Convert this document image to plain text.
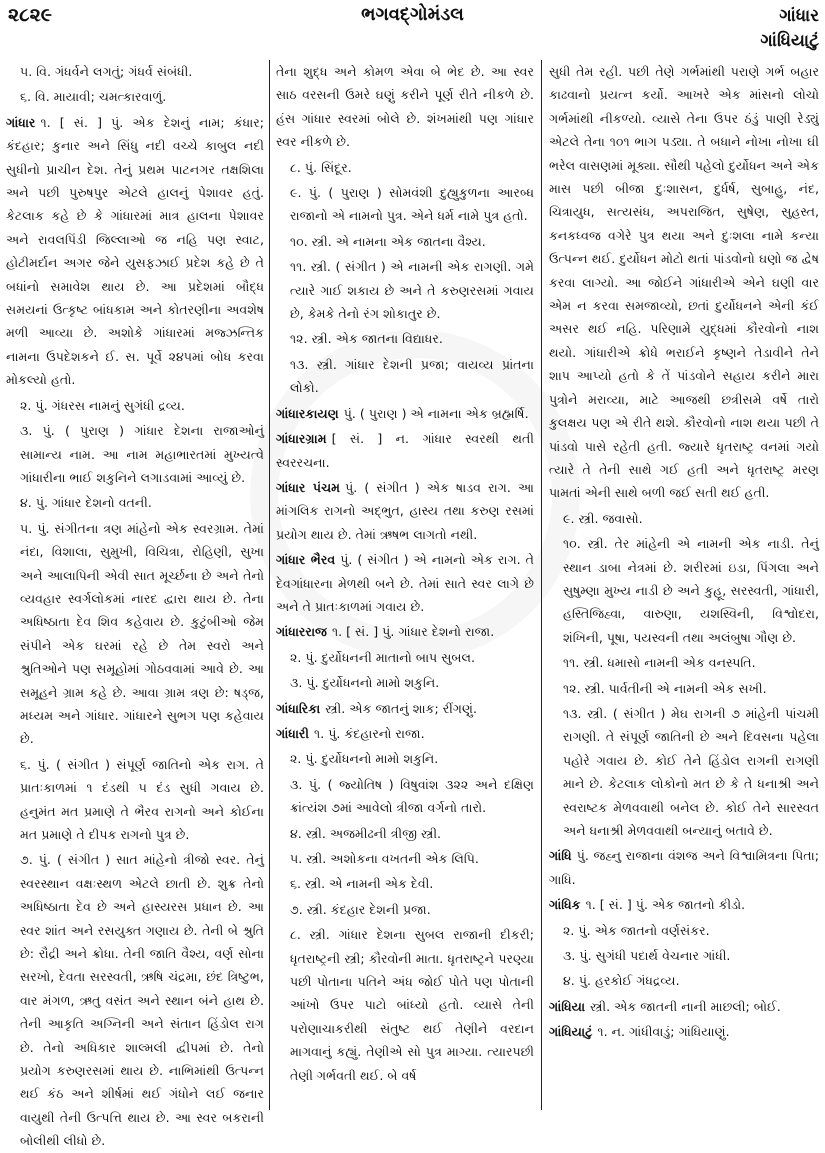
ભગવદ્ગોમંડલ
૨૮૨૯	ગાંધાર
ગાંધિયાટું
૫. વિ. ગંધર્વને લગતું; ગંધર્વ સંબંધી.
૬. વિ. માયાવી; ચમત્કારવાળું.
ગાંધાર ૧. [ સં. ] પું. એક દેશનું નામ; કંધાર; કંદહાર; કુનાર અને સિંધુ નદી વચ્ચે કાબુલ નદી સુધીનો પ્રાચીન દેશ. તેનું પ્રથમ પાટનગર તક્ષશિલા અને પછી પુરુષપુર એટલે હાલનું પેશાવર હતું. કેટલાક કહે છે કે ગાંધારમાં માત્ર હાલના પેશાવર અને રાવલપિંડી જિલ્લાઓ જ નહિ પણ સ્વાટ, હોટીમર્દાન અગર જેને યુસફઝાઈ પ્રદેશ કહે છે તે બધાંનો સમાવેશ થાય છે. આ પ્રદેશમાં બૌદ્ધ સમયનાં ઉત્કૃષ્ટ બાંધકામ અને કોતરણીના અવશેષ મળી આવ્યા છે. અશોકે ગાંધારમાં મજ્ઝન્તિક નામના ઉપદેશકને ઈ. સ. પૂર્વે ૨૪૫માં બોધ કરવા મોકલ્યો હતો.
૨. પું. ગંધરસ નામનું સુગંધી દ્રવ્ય.
૩. પું. ( પુરાણ ) ગાંધાર દેશના રાજાઓનું સામાન્ય નામ. આ નામ મહાભારતમાં મુખ્યત્વે ગાંધારીના ભાઈ શકુનિને લગાડવામાં આવ્યું છે.
૪. પું. ગાંધાર દેશનો વતની.
૫. પું. સંગીતના ત્રણ માંહેનો એક સ્વરગ્રામ. તેમાં નંદા, વિશાલા, સુમુખી, વિચિત્રા, રોહિણી, સુખા અને આલાપિની એવી સાત મૂર્ચ્છના છે અને તેનો વ્યવહાર સ્વર્ગલોકમાં નારદ દ્વારા થાય છે. તેના અધિષ્ઠાતા દેવ શિવ કહેવાય છે. કુટુંબીઓ જેમ સંપીને એક ઘરમાં રહે છે તેમ સ્વરો અને શ્રુતિઓને પણ સમૂહોમાં ગોઠવવામાં આવે છે. આ સમૂહને ગ્રામ કહે છે. આવા ગ્રામ ત્રણ છે: ષડ્જ, મધ્યમ અને ગાંધાર. ગાંધારને સુભગ પણ કહેવાય છે.
૬. પું. ( સંગીત ) સંપૂર્ણ જાતિનો એક રાગ. તે પ્રાતઃકાળમાં ૧ દંડથી ૫ દંડ સુધી ગવાય છે. હનુમંત મત પ્રમાણે તે ભૈરવ રાગનો અને કોઈના મત પ્રમાણે તે દીપક રાગનો પુત્ર છે.
૭. પું. ( સંગીત ) સાત માંહેનો ત્રીજો સ્વર. તેનું સ્વરસ્થાન વક્ષઃસ્થળ એટલે છાતી છે. શુક્ર તેનો અધિષ્ઠાતા દેવ છે અને હાસ્યરસ પ્રધાન છે. આ સ્વર શાંત અને રસયુક્ત ગણાય છે. તેની બે શ્રુતિ છે: રૌદ્રી અને ક્રોધા. તેની જાતિ વૈશ્ય, વર્ણ સોના સરખો, દેવતા સરસ્વતી, ઋષિ ચંદ્રમા, છંદ ત્રિષ્ટુભ, વાર મંગળ, ઋતુ વસંત અને સ્થાન બંને હાથ છે. તેની આકૃતિ અગ્નિની અને સંતાન હિંડોલ રાગ છે. તેનો અધિકાર શાલ્મલી દ્વીપમાં છે. તેનો પ્રયોગ કરુણરસમાં થાય છે. નાભિમાંથી ઉત્પન્ન થઈ કંઠ અને શીર્ષમાં થઈ ગંધોને લઈ જનાર વાયુથી તેની ઉત્પત્તિ થાય છે. આ સ્વર બકરાની બોલીથી લીધો છે.
તેના શુદ્ધ અને કોમળ એવા બે ભેદ છે. આ સ્વર સાઠ વરસની ઉમરે ઘણું કરીને પૂર્ણ રીતે નીકળે છે. હંસ ગાંધાર સ્વરમાં બોલે છે. શંખમાંથી પણ ગાંધાર સ્વર નીકળે છે.
૮. પું. સિંદૂર.
૯. પું. ( પુરાણ ) સોમવંશી દુહ્યુકુળના આરબ્ધ રાજાનો એ નામનો પુત્ર. એને ધર્મ નામે પુત્ર હતો.
૧૦. સ્ત્રી. એ નામના એક જાતના વૈશ્ય.
૧૧. સ્ત્રી. ( સંગીત ) એ નામની એક રાગણી. ગમે ત્યારે ગાઈ શકાય છે અને તે કરુણરસમાં ગવાય છે, કેમકે તેનો રંગ શોકાતુર છે.
૧૨. સ્ત્રી. એક જાતના વિદ્યાધર.
૧૩. સ્ત્રી. ગાંધાર દેશની પ્રજા; વાયવ્ય પ્રાંતના લોકો.
ગાંધારકાયણ પું. ( પુરાણ ) એ નામના એક બ્રહ્મર્ષિ.
ગાંધારગ્રામ [ સં. ] ન. ગાંધાર સ્વરથી થતી સ્વરરચના.
ગાંધાર પંચમ પું. ( સંગીત ) એક ષાડવ રાગ. આ માંગલિક રાગનો અદ્ભુત, હાસ્ય તથા કરુણ રસમાં પ્રયોગ થાય છે. તેમાં ઋષભ લાગતો નથી.
ગાંધાર ભૈરવ પું. ( સંગીત ) એ નામનો એક રાગ. તે દેવગાંધારના મેળથી બને છે. તેમાં સાતે સ્વર લાગે છે અને તે પ્રાતઃકાળમાં ગવાય છે.
ગાંધારરાજ ૧. [ સં. ] પું. ગાંધાર દેશનો રાજા.
૨. પું. દુર્યોધનની માતાનો બાપ સુબલ.
૩. પું. દુર્યોધનનો મામો શકુનિ.
ગાંધારિકા સ્ત્રી. એક જાતનું શાક; રીંગણું.
ગાંધારી ૧. પું. કંદહારનો રાજા.
૨. પું. દુર્યોધનનો મામો શકુનિ.
૩. પું. ( જ્યોતિષ ) વિષુવાંશ ૩૨૨ અને દક્ષિણ ક્રાંત્યંશ ૭માં આવેલો ત્રીજા વર્ગનો તારો.
૪. સ્ત્રી. અજમીઢની ત્રીજી સ્ત્રી.
૫. સ્ત્રી. અશોકના વખતની એક લિપિ.
૬. સ્ત્રી. એ નામની એક દેવી.
૭. સ્ત્રી. કંદહાર દેશની પ્રજા.
૮. સ્ત્રી. ગાંધાર દેશના સુબલ રાજાની દીકરી; ધૃતરાષ્ટ્રની સ્ત્રી; કૌરવોની માતા. ધૃતરાષ્ટ્રને પરણ્યા પછી પોતાના પતિને અંધ જોઈ પોતે પણ પોતાની આંખો ઉપર પાટો બાંધ્યો હતો. વ્યાસે તેની પરોણાચાકરીથી સંતુષ્ટ થઈ તેણીને વરદાન માગવાનું કહ્યું. તેણીએ સો પુત્ર માગ્યા. ત્યારપછી તેણી ગર્ભવતી થઈ. બે વર્ષ
સુધી તેમ રહી. પછી તેણે ગર્ભમાંથી પરાણે ગર્ભ બહાર કાઢવાનો પ્રયત્ન કર્યો. આખરે એક માંસનો લોચો ગર્ભમાંથી નીકળ્યો. વ્યાસે તેના ઉપર ઠંડું પાણી રેડ્યું એટલે તેના ૧૦૧ ભાગ પડ્યા. તે બધાને નોખા નોખા ઘી ભરેલ વાસણમાં મૂક્યા. સૌથી પહેલો દુર્યોધન અને એક માસ પછી બીજા દુઃશાસન, દુર્ધર્ષ, સુબાહુ, નંદ, ચિત્રાયુધ, સત્યસંધ, અપરાજિત, સુષેણ, સુહસ્ત, કનકધ્વજ વગેરે પુત્ર થયા અને દુઃશલા નામે કન્યા ઉત્પન્ન થઈ. દુર્યોધન મોટો થતાં પાંડવોનો ઘણો જ દ્વેષ કરવા લાગ્યો. આ જોઈને ગાંધારીએ એને ઘણી વાર એમ ન કરવા સમજાવ્યો, છતાં દુર્યોધનને એની કંઈ અસર થઈ નહિ. પરિણામે યુદ્ધમાં કૌરવોનો નાશ થયો. ગાંધારીએ ક્રોધે ભરાઈને કૃષ્ણને તેડાવીને તેને શાપ આપ્યો હતો કે તેં પાંડવોને સહાય કરીને મારા પુત્રોને મરાવ્યા, માટે આજથી છત્રીસમે વર્ષે તારો કુલક્ષય પણ એ રીતે થશે. કૌરવોનો નાશ થયા પછી તે પાંડવો પાસે રહેતી હતી. જ્યારે ધૃતરાષ્ટ્ર વનમાં ગયો ત્યારે તે તેની સાથે ગઈ હતી અને ધૃતરાષ્ટ્ર મરણ પામતાં એની સાથે બળી જઈ સતી થઈ હતી.
૯. સ્ત્રી. જવાસો.
૧૦. સ્ત્રી. તેર માંહેની એ નામની એક નાડી. તેનું સ્થાન ડાબા નેત્રમાં છે. શરીરમાં ઇડા, પિંગલા અને સુષુમ્ણા મુખ્ય નાડી છે અને કુહૂ, સરસ્વતી, ગાંધારી, હસ્તિજિહ્વા, વારુણા, યશસ્વિની, વિશ્વોદરા, શંખિની, પૂષા, પયસ્વની તથા અલંબુષા ગૌણ છે.
૧૧. સ્ત્રી. ધમાસો નામની એક વનસ્પતિ.
૧૨. સ્ત્રી. પાર્વતીની એ નામની એક સખી.
૧૩. સ્ત્રી. ( સંગીત ) મેઘ રાગની ૭ માંહેની પાંચમી રાગણી. તે સંપૂર્ણ જાતિની છે અને દિવસના પહેલા પહોરે ગવાય છે. કોઈ તેને હિંડોલ રાગની રાગણી માને છે. કેટલાક લોકોનો મત છે કે તે ધનાશ્રી અને સ્વરાષ્ટક મેળવવાથી બનેલ છે. કોઈ તેને સારસ્વત અને ધનાશ્રી મેળવવાથી બન્યાનું બતાવે છે.
ગાંધિ પું. જહ્નુ રાજાના વંશજ અને વિશ્વામિત્રના પિતા; ગાધિ.
ગાંધિક ૧. [ સં. ] પું. એક જાતનો કીડો.
૨. પું. એક જાતનો વર્ણસંકર.
૩. પું. સુગંધી પદાર્થ વેચનાર ગાંધી.
૪. પું. હરકોઈ ગંધદ્રવ્ય.
ગાંધિયા સ્ત્રી. એક જાતની નાની માછલી; બોઈ.
ગાંધિયાટું ૧. ન. ગાંધીવાડું; ગાંધિયાણું.
